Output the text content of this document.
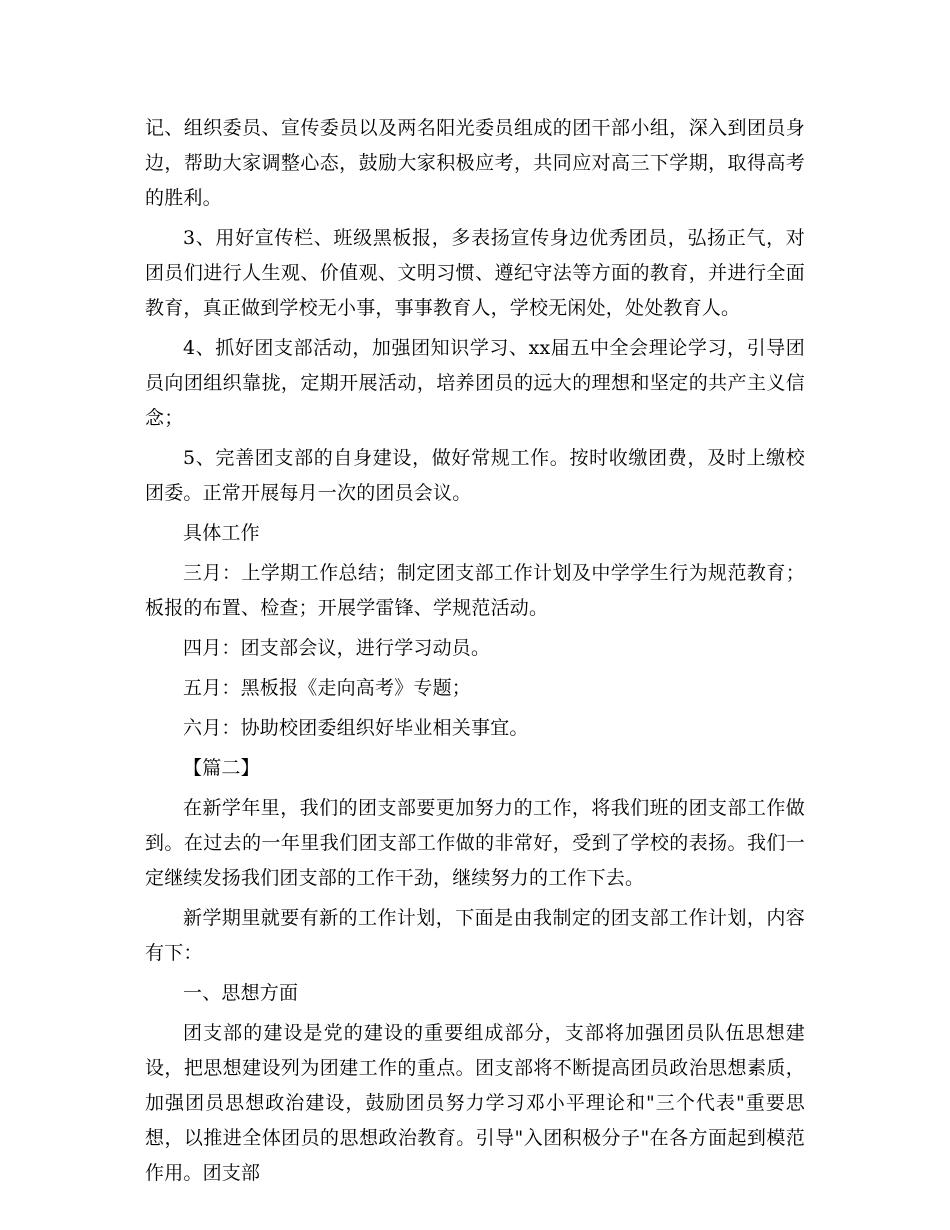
记、组织委员、宣传委员以及两名阳光委员组成的团干部小组，深入到团员身边，帮助大家调整心态，鼓励大家积极应考，共同应对高三下学期，取得高考的胜利。

3、用好宣传栏、班级黑板报，多表扬宣传身边优秀团员，弘扬正气，对团员们进行人生观、价值观、文明习惯、遵纪守法等方面的教育，并进行全面教育，真正做到学校无小事，事事教育人，学校无闲处，处处教育人。

4、抓好团支部活动，加强团知识学习、xx届五中全会理论学习，引导团员向团组织靠拢，定期开展活动，培养团员的远大的理想和坚定的共产主义信念；

5、完善团支部的自身建设，做好常规工作。按时收缴团费，及时上缴校团委。正常开展每月一次的团员会议。

具体工作

三月：上学期工作总结；制定团支部工作计划及中学学生行为规范教育；板报的布置、检查；开展学雷锋、学规范活动。

四月：团支部会议，进行学习动员。

五月：黑板报《走向高考》专题；

六月：协助校团委组织好毕业相关事宜。

【篇二】

在新学年里，我们的团支部要更加努力的工作，将我们班的团支部工作做到。在过去的一年里我们团支部工作做的非常好，受到了学校的表扬。我们一定继续发扬我们团支部的工作干劲，继续努力的工作下去。

新学期里就要有新的工作计划，下面是由我制定的团支部工作计划，内容有下：

一、思想方面

团支部的建设是党的建设的重要组成部分，支部将加强团员队伍思想建设，把思想建设列为团建工作的重点。团支部将不断提高团员政治思想素质，加强团员思想政治建设，鼓励团员努力学习邓小平理论和"三个代表"重要思想，以推进全体团员的思想政治教育。引导"入团积极分子"在各方面起到模范作用。团支部
